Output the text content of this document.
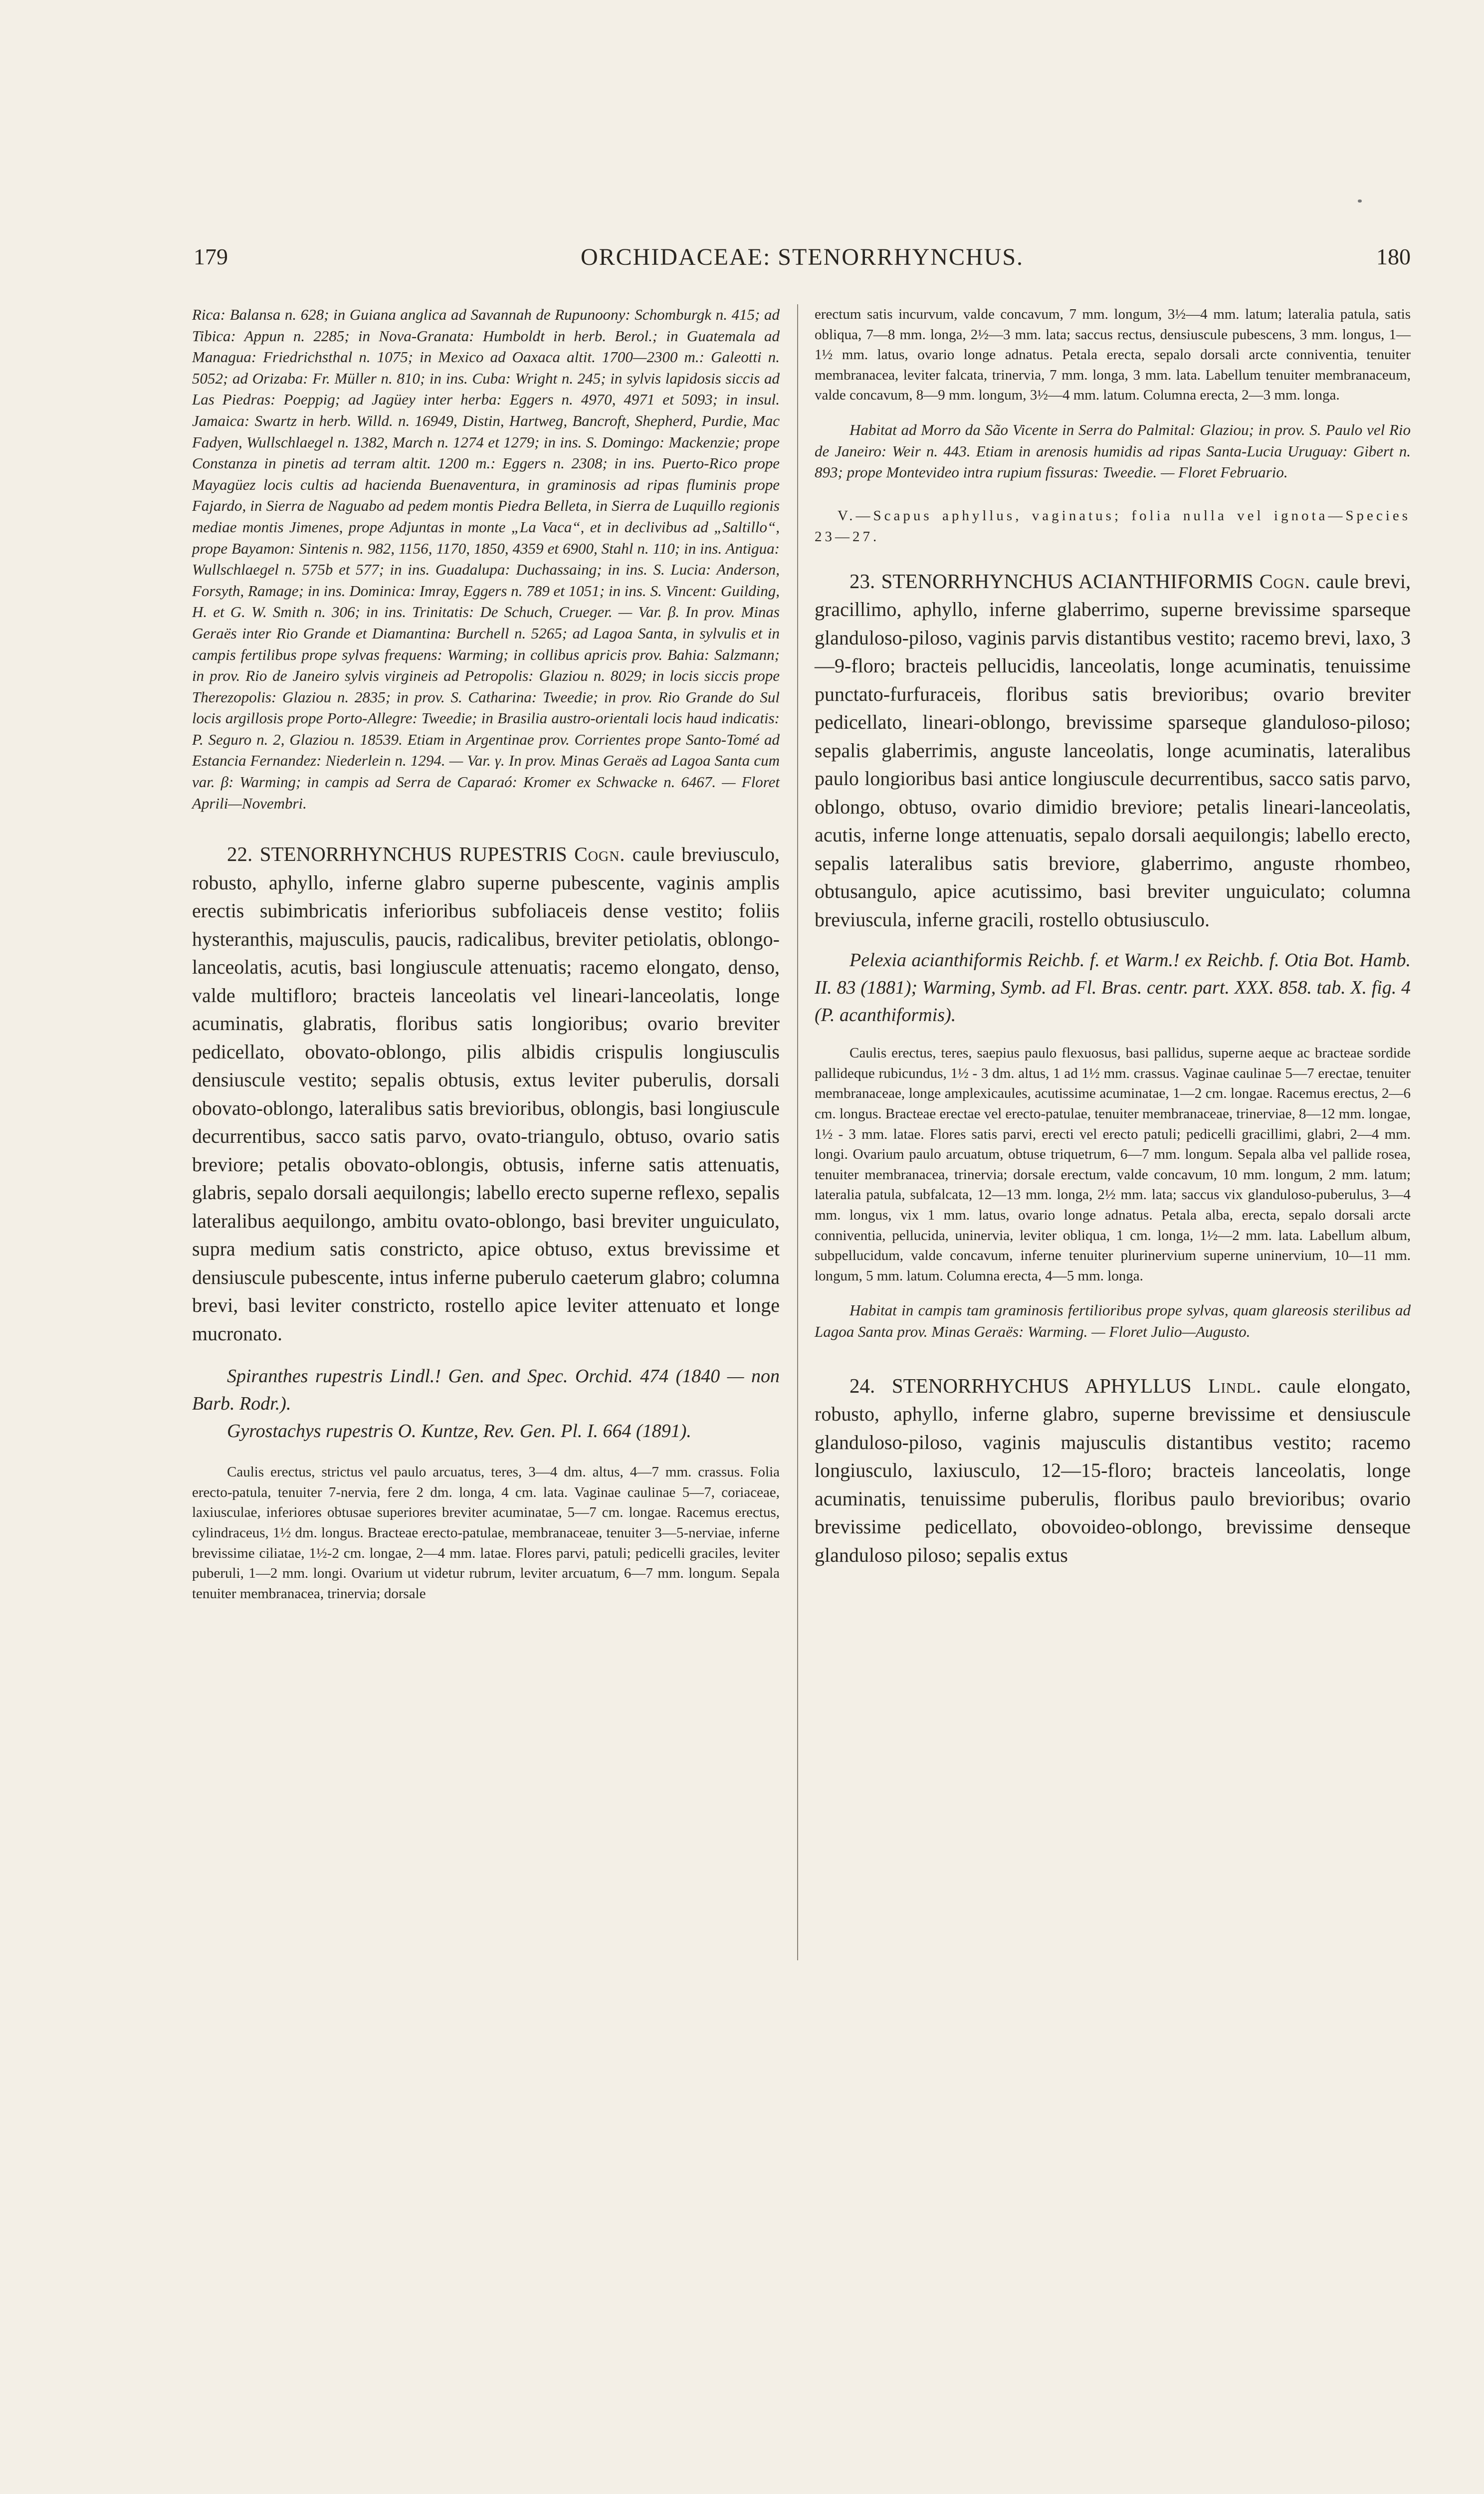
179	ORCHIDACEAE: STENORRHYNCHUS.	180

Rica: Balansa n. 628; in Guiana anglica ad Savannah de Rupunoony: Schomburgk n. 415; ad Tibica: Appun n. 2285; in Nova-Granata: Humboldt in herb. Berol.; in Guatemala ad Managua: Friedrichsthal n. 1075; in Mexico ad Oaxaca altit. 1700—2300 m.: Galeotti n. 5052; ad Orizaba: Fr. Müller n. 810; in ins. Cuba: Wright n. 245; in sylvis lapidosis siccis ad Las Piedras: Poeppig; ad Jagüey inter herba: Eggers n. 4970, 4971 et 5093; in insul. Jamaica: Swartz in herb. Willd. n. 16949, Distin, Hartweg, Bancroft, Shepherd, Purdie, Mac Fadyen, Wullschlaegel n. 1382, March n. 1274 et 1279; in ins. S. Domingo: Mackenzie; prope Constanza in pinetis ad terram altit. 1200 m.: Eggers n. 2308; in ins. Puerto-Rico prope Mayagüez locis cultis ad hacienda Buenaventura, in graminosis ad ripas fluminis prope Fajardo, in Sierra de Naguabo ad pedem montis Piedra Belleta, in Sierra de Luquillo regionis mediae montis Jimenes, prope Adjuntas in monte „La Vaca“, et in declivibus ad „Saltillo“, prope Bayamon: Sintenis n. 982, 1156, 1170, 1850, 4359 et 6900, Stahl n. 110; in ins. Antigua: Wullschlaegel n. 575b et 577; in ins. Guadalupa: Duchassaing; in ins. S. Lucia: Anderson, Forsyth, Ramage; in ins. Dominica: Imray, Eggers n. 789 et 1051; in ins. S. Vincent: Guilding, H. et G. W. Smith n. 306; in ins. Trinitatis: De Schuch, Crueger. — Var. β. In prov. Minas Geraës inter Rio Grande et Diamantina: Burchell n. 5265; ad Lagoa Santa, in sylvulis et in campis fertilibus prope sylvas frequens: Warming; in collibus apricis prov. Bahia: Salzmann; in prov. Rio de Janeiro sylvis virgineis ad Petropolis: Glaziou n. 8029; in locis siccis prope Therezopolis: Glaziou n. 2835; in prov. S. Catharina: Tweedie; in prov. Rio Grande do Sul locis argillosis prope Porto-Allegre: Tweedie; in Brasilia austro-orientali locis haud indicatis: P. Seguro n. 2, Glaziou n. 18539. Etiam in Argentinae prov. Corrientes prope Santo-Tomé ad Estancia Fernandez: Niederlein n. 1294. — Var. γ. In prov. Minas Geraës ad Lagoa Santa cum var. β: Warming; in campis ad Serra de Caparaó: Kromer ex Schwacke n. 6467. — Floret Aprili—Novembri.

22. STENORRHYNCHUS RUPESTRIS Cogn. caule breviusculo, robusto, aphyllo, inferne glabro superne pubescente, vaginis amplis erectis subimbricatis inferioribus subfoliaceis dense vestito; foliis hysteranthis, majusculis, paucis, radicalibus, breviter petiolatis, oblongo-lanceolatis, acutis, basi longiuscule attenuatis; racemo elongato, denso, valde multifloro; bracteis lanceolatis vel lineari-lanceolatis, longe acuminatis, glabratis, floribus satis longioribus; ovario breviter pedicellato, obovato-oblongo, pilis albidis crispulis longiusculis densiuscule vestito; sepalis obtusis, extus leviter puberulis, dorsali obovato-oblongo, lateralibus satis brevioribus, oblongis, basi longiuscule decurrentibus, sacco satis parvo, ovato-triangulo, obtuso, ovario satis breviore; petalis obovato-oblongis, obtusis, inferne satis attenuatis, glabris, sepalo dorsali aequilongis; labello erecto superne reflexo, sepalis lateralibus aequilongo, ambitu ovato-oblongo, basi breviter unguiculato, supra medium satis constricto, apice obtuso, extus brevissime et densiuscule pubescente, intus inferne puberulo caeterum glabro; columna brevi, basi leviter constricto, rostello apice leviter attenuato et longe mucronato.

Spiranthes rupestris Lindl.! Gen. and Spec. Orchid. 474 (1840 — non Barb. Rodr.).

Gyrostachys rupestris O. Kuntze, Rev. Gen. Pl. I. 664 (1891).

Caulis erectus, strictus vel paulo arcuatus, teres, 3—4 dm. altus, 4—7 mm. crassus. Folia erecto-patula, tenuiter 7-nervia, fere 2 dm. longa, 4 cm. lata. Vaginae caulinae 5—7, coriaceae, laxiusculae, inferiores obtusae superiores breviter acuminatae, 5—7 cm. longae. Racemus erectus, cylindraceus, 1½ dm. longus. Bracteae erecto-patulae, membranaceae, tenuiter 3—5-nerviae, inferne brevissime ciliatae, 1½-2 cm. longae, 2—4 mm. latae. Flores parvi, patuli; pedicelli graciles, leviter puberuli, 1—2 mm. longi. Ovarium ut videtur rubrum, leviter arcuatum, 6—7 mm. longum. Sepala tenuiter membranacea, trinervia; dorsale

erectum satis incurvum, valde concavum, 7 mm. longum, 3½—4 mm. latum; lateralia patula, satis obliqua, 7—8 mm. longa, 2½—3 mm. lata; saccus rectus, densiuscule pubescens, 3 mm. longus, 1—1½ mm. latus, ovario longe adnatus. Petala erecta, sepalo dorsali arcte conniventia, tenuiter membranacea, leviter falcata, trinervia, 7 mm. longa, 3 mm. lata. Labellum tenuiter membranaceum, valde concavum, 8—9 mm. longum, 3½—4 mm. latum. Columna erecta, 2—3 mm. longa.

Habitat ad Morro da São Vicente in Serra do Palmital: Glaziou; in prov. S. Paulo vel Rio de Janeiro: Weir n. 443. Etiam in arenosis humidis ad ripas Santa-Lucia Uruguay: Gibert n. 893; prope Montevideo intra rupium fissuras: Tweedie. — Floret Februario.

V.—Scapus aphyllus, vaginatus; folia nulla vel ignota—Species 23—27.

23. STENORRHYNCHUS ACIANTHIFORMIS Cogn. caule brevi, gracillimo, aphyllo, inferne glaberrimo, superne brevissime sparseque glanduloso-piloso, vaginis parvis distantibus vestito; racemo brevi, laxo, 3—9-floro; bracteis pellucidis, lanceolatis, longe acuminatis, tenuissime punctato-furfuraceis, floribus satis brevioribus; ovario breviter pedicellato, lineari-oblongo, brevissime sparseque glanduloso-piloso; sepalis glaberrimis, anguste lanceolatis, longe acuminatis, lateralibus paulo longioribus basi antice longiuscule decurrentibus, sacco satis parvo, oblongo, obtuso, ovario dimidio breviore; petalis lineari-lanceolatis, acutis, inferne longe attenuatis, sepalo dorsali aequilongis; labello erecto, sepalis lateralibus satis breviore, glaberrimo, anguste rhombeo, obtusangulo, apice acutissimo, basi breviter unguiculato; columna breviuscula, inferne gracili, rostello obtusiusculo.

Pelexia acianthiformis Reichb. f. et Warm.! ex Reichb. f. Otia Bot. Hamb. II. 83 (1881); Warming, Symb. ad Fl. Bras. centr. part. XXX. 858. tab. X. fig. 4 (P. acanthiformis).

Caulis erectus, teres, saepius paulo flexuosus, basi pallidus, superne aeque ac bracteae sordide pallideque rubicundus, 1½ - 3 dm. altus, 1 ad 1½ mm. crassus. Vaginae caulinae 5—7 erectae, tenuiter membranaceae, longe amplexicaules, acutissime acuminatae, 1—2 cm. longae. Racemus erectus, 2—6 cm. longus. Bracteae erectae vel erecto-patulae, tenuiter membranaceae, trinerviae, 8—12 mm. longae, 1½ - 3 mm. latae. Flores satis parvi, erecti vel erecto patuli; pedicelli gracillimi, glabri, 2—4 mm. longi. Ovarium paulo arcuatum, obtuse triquetrum, 6—7 mm. longum. Sepala alba vel pallide rosea, tenuiter membranacea, trinervia; dorsale erectum, valde concavum, 10 mm. longum, 2 mm. latum; lateralia patula, subfalcata, 12—13 mm. longa, 2½ mm. lata; saccus vix glanduloso-puberulus, 3—4 mm. longus, vix 1 mm. latus, ovario longe adnatus. Petala alba, erecta, sepalo dorsali arcte conniventia, pellucida, uninervia, leviter obliqua, 1 cm. longa, 1½—2 mm. lata. Labellum album, subpellucidum, valde concavum, inferne tenuiter plurinervium superne uninervium, 10—11 mm. longum, 5 mm. latum. Columna erecta, 4—5 mm. longa.

Habitat in campis tam graminosis fertilioribus prope sylvas, quam glareosis sterilibus ad Lagoa Santa prov. Minas Geraës: Warming. — Floret Julio—Augusto.

24. STENORRHYCHUS APHYLLUS Lindl. caule elongato, robusto, aphyllo, inferne glabro, superne brevissime et densiuscule glanduloso-piloso, vaginis majusculis distantibus vestito; racemo longiusculo, laxiusculo, 12—15-floro; bracteis lanceolatis, longe acuminatis, tenuissime puberulis, floribus paulo brevioribus; ovario brevissime pedicellato, obovoideo-oblongo, brevissime denseque glanduloso piloso; sepalis extus
